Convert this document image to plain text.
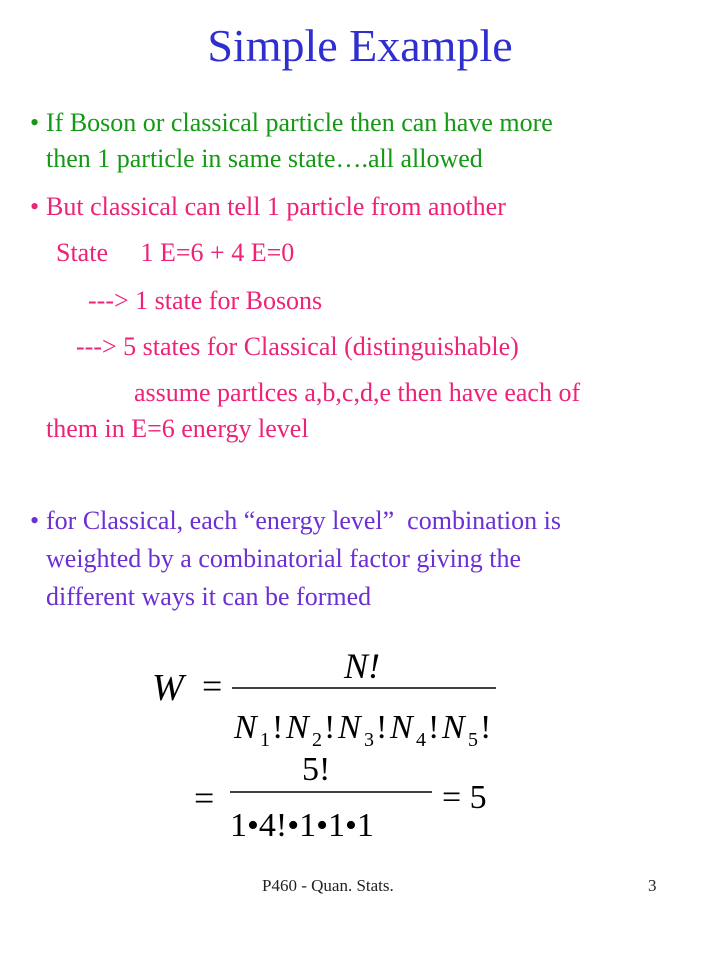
Simple Example
• If Boson or classical particle then can have more
then 1 particle in same state….all allowed
• But classical can tell 1 particle from another
State     1 E=6 + 4 E=0
---> 1 state for Bosons
---> 5 states for Classical (distinguishable)
assume partlces a,b,c,d,e then have each of
them in E=6 energy level
• for Classical, each “energy level”  combination is
weighted by a combinatorial factor giving the
different ways it can be formed
W =	N!
N 1!N 2!N 3!N 4!N 5!
=
5!
1•4!•1•1•1
= 5
P460 - Quan. Stats.	3
